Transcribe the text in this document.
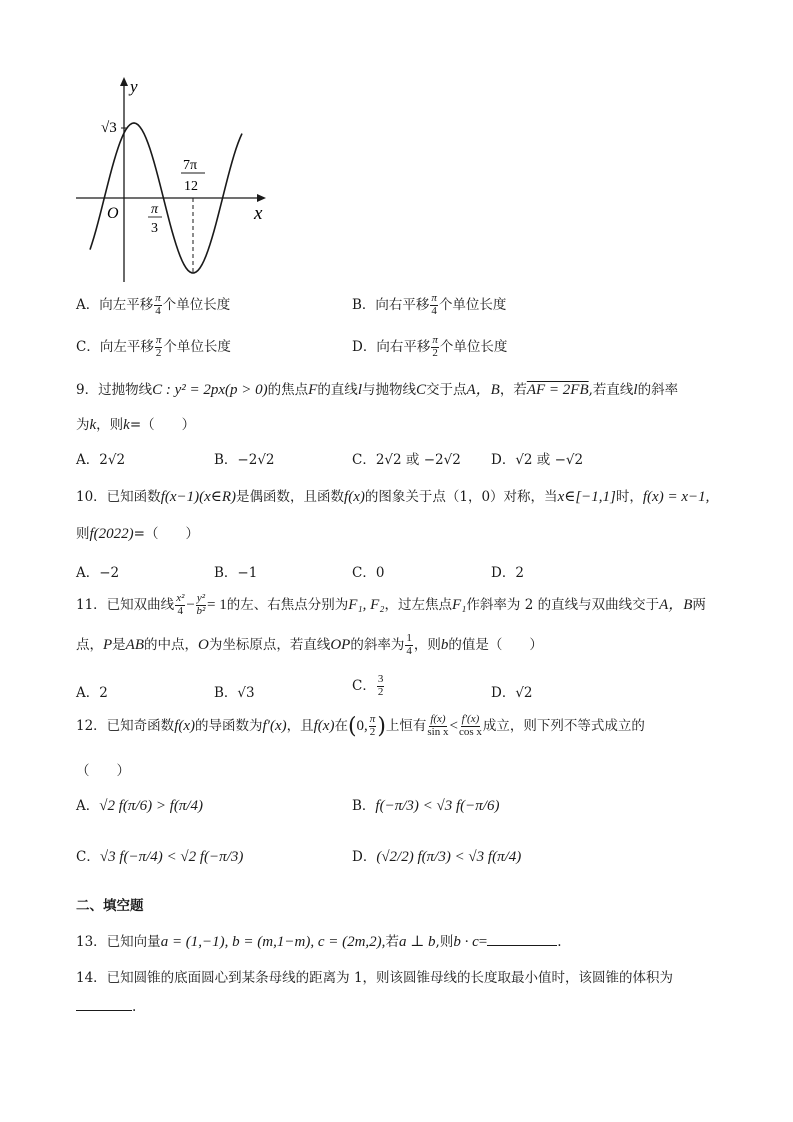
y
x
O
√3
π
3
7π
12
A．向左平移 $\frac{\pi}{4}$ 个单位长度	B．向右平移 $\frac{\pi}{4}$ 个单位长度
C．向左平移 $\frac{\pi}{2}$ 个单位长度	D．向右平移 $\frac{\pi}{2}$ 个单位长度
9．过抛物线C : y² = 2px(p > 0)的焦点F的直线l与抛物线C交于点A，B，若AF = 2FB,若直线l的斜率
为k，则k=（　　）
A．2√2	B．−2√2	C．2√2 或 −2√2 D．√2 或 −√2
10．已知函数f(x−1)(x∈R)是偶函数，且函数f(x)的图象关于点（1，0）对称，当x∈[−1,1]时，f(x) = x−1,
则f(2022)=（　　）
A．−2	B．−1	C．0	D．2
11．已知双曲线 $\frac{\text{x²}}{4} - \frac{\text{y²}}{\text{b²}} = 1$的左、右焦点分别为F₁, F₂，过左焦点F₁作斜率为 2 的直线与双曲线交于A，B两
点，P是AB的中点，O为坐标原点，若直线OP的斜率为 $\frac{1}{4}$ ，则b的值是（　　）
A．2	B．√3	C． $\frac{3}{2}$	D．√2
12．已知奇函数f(x)的导函数为f′(x)，且f(x)在(0, $\frac{\pi}{2}$ )上恒有 $\frac{f(x)}{\text{sin x}} < \frac{f'(x)}{\text{cos x}}$ 成立，则下列不等式成立的
（　　）
A．√2 f(π/6) > f(π/4)	B．f(−π/3) < √3 f(−π/6)
C．√3 f(−π/4) < √2 f(−π/3)	D．(√2/2) f(π/3) < √3 f(π/4)
二、填空题
13．已知向量a = (1,−1), b = (m,1−m), c = (2m,2),若a ⊥ b,则b · c=	.
14．已知圆锥的底面圆心到某条母线的距离为 1，则该圆锥母线的长度取最小值时，该圆锥的体积为
.
